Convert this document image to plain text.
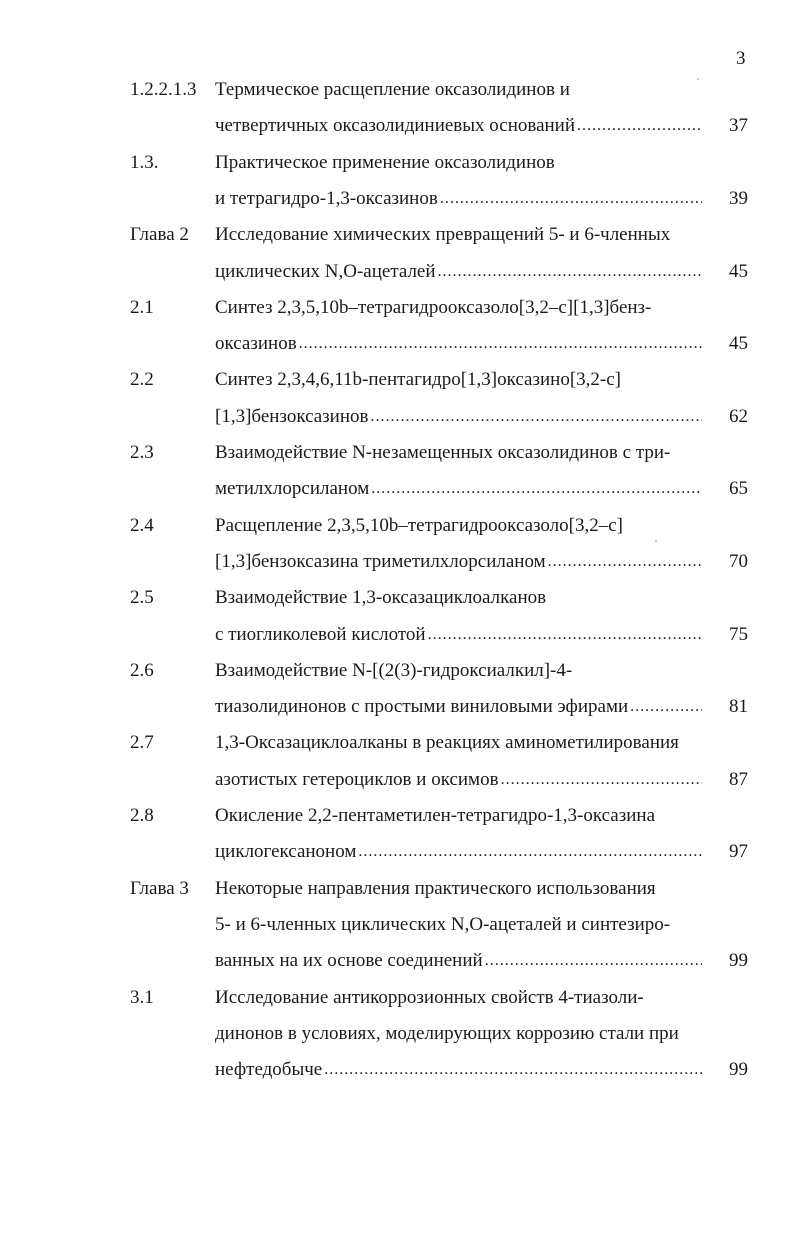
3
1.2.2.1.3 Термическое расщепление оксазолидинов и
четвертичных оксазолидиниевых оснований .....	37
1.3.	Практическое применение оксазолидинов
и тетрагидро-1,3-оксазинов .....	39
Глава 2 Исследование химических превращений 5- и 6-членных
циклических N,O-ацеталей .....	45
2.1	Синтез 2,3,5,10b–тетрагидрооксазоло[3,2–c][1,3]бенз-
оксазинов .....	45
2.2	Синтез 2,3,4,6,11b-пентагидро[1,3]оксазино[3,2-c]
[1,3]бензоксазинов .....	62
2.3	Взаимодействие N-незамещенных оксазолидинов с три-
метилхлорсиланом .....	65
2.4	Расщепление 2,3,5,10b–тетрагидрооксазоло[3,2–c]
[1,3]бензоксазина триметилхлорсиланом .....	70
2.5	Взаимодействие 1,3-оксазациклоалканов
с тиогликолевой кислотой .....	75
2.6	Взаимодействие N-[(2(3)-гидроксиалкил]-4-
тиазолидинонов с простыми виниловыми эфирами .....	81
2.7	1,3-Оксазациклоалканы в реакциях аминометилирования
азотистых гетероциклов и оксимов .....	87
2.8	Окисление 2,2-пентаметилен-тетрагидро-1,3-оксазина
циклогексаноном .....	97
Глава 3 Некоторые направления практического использования
5- и 6-членных циклических N,O-ацеталей и синтезиро-
ванных на их основе соединений .....	99
3.1	Исследование антикоррозионных свойств 4-тиазоли-
динонов в условиях, моделирующих коррозию стали при
нефтедобыче .....	99
